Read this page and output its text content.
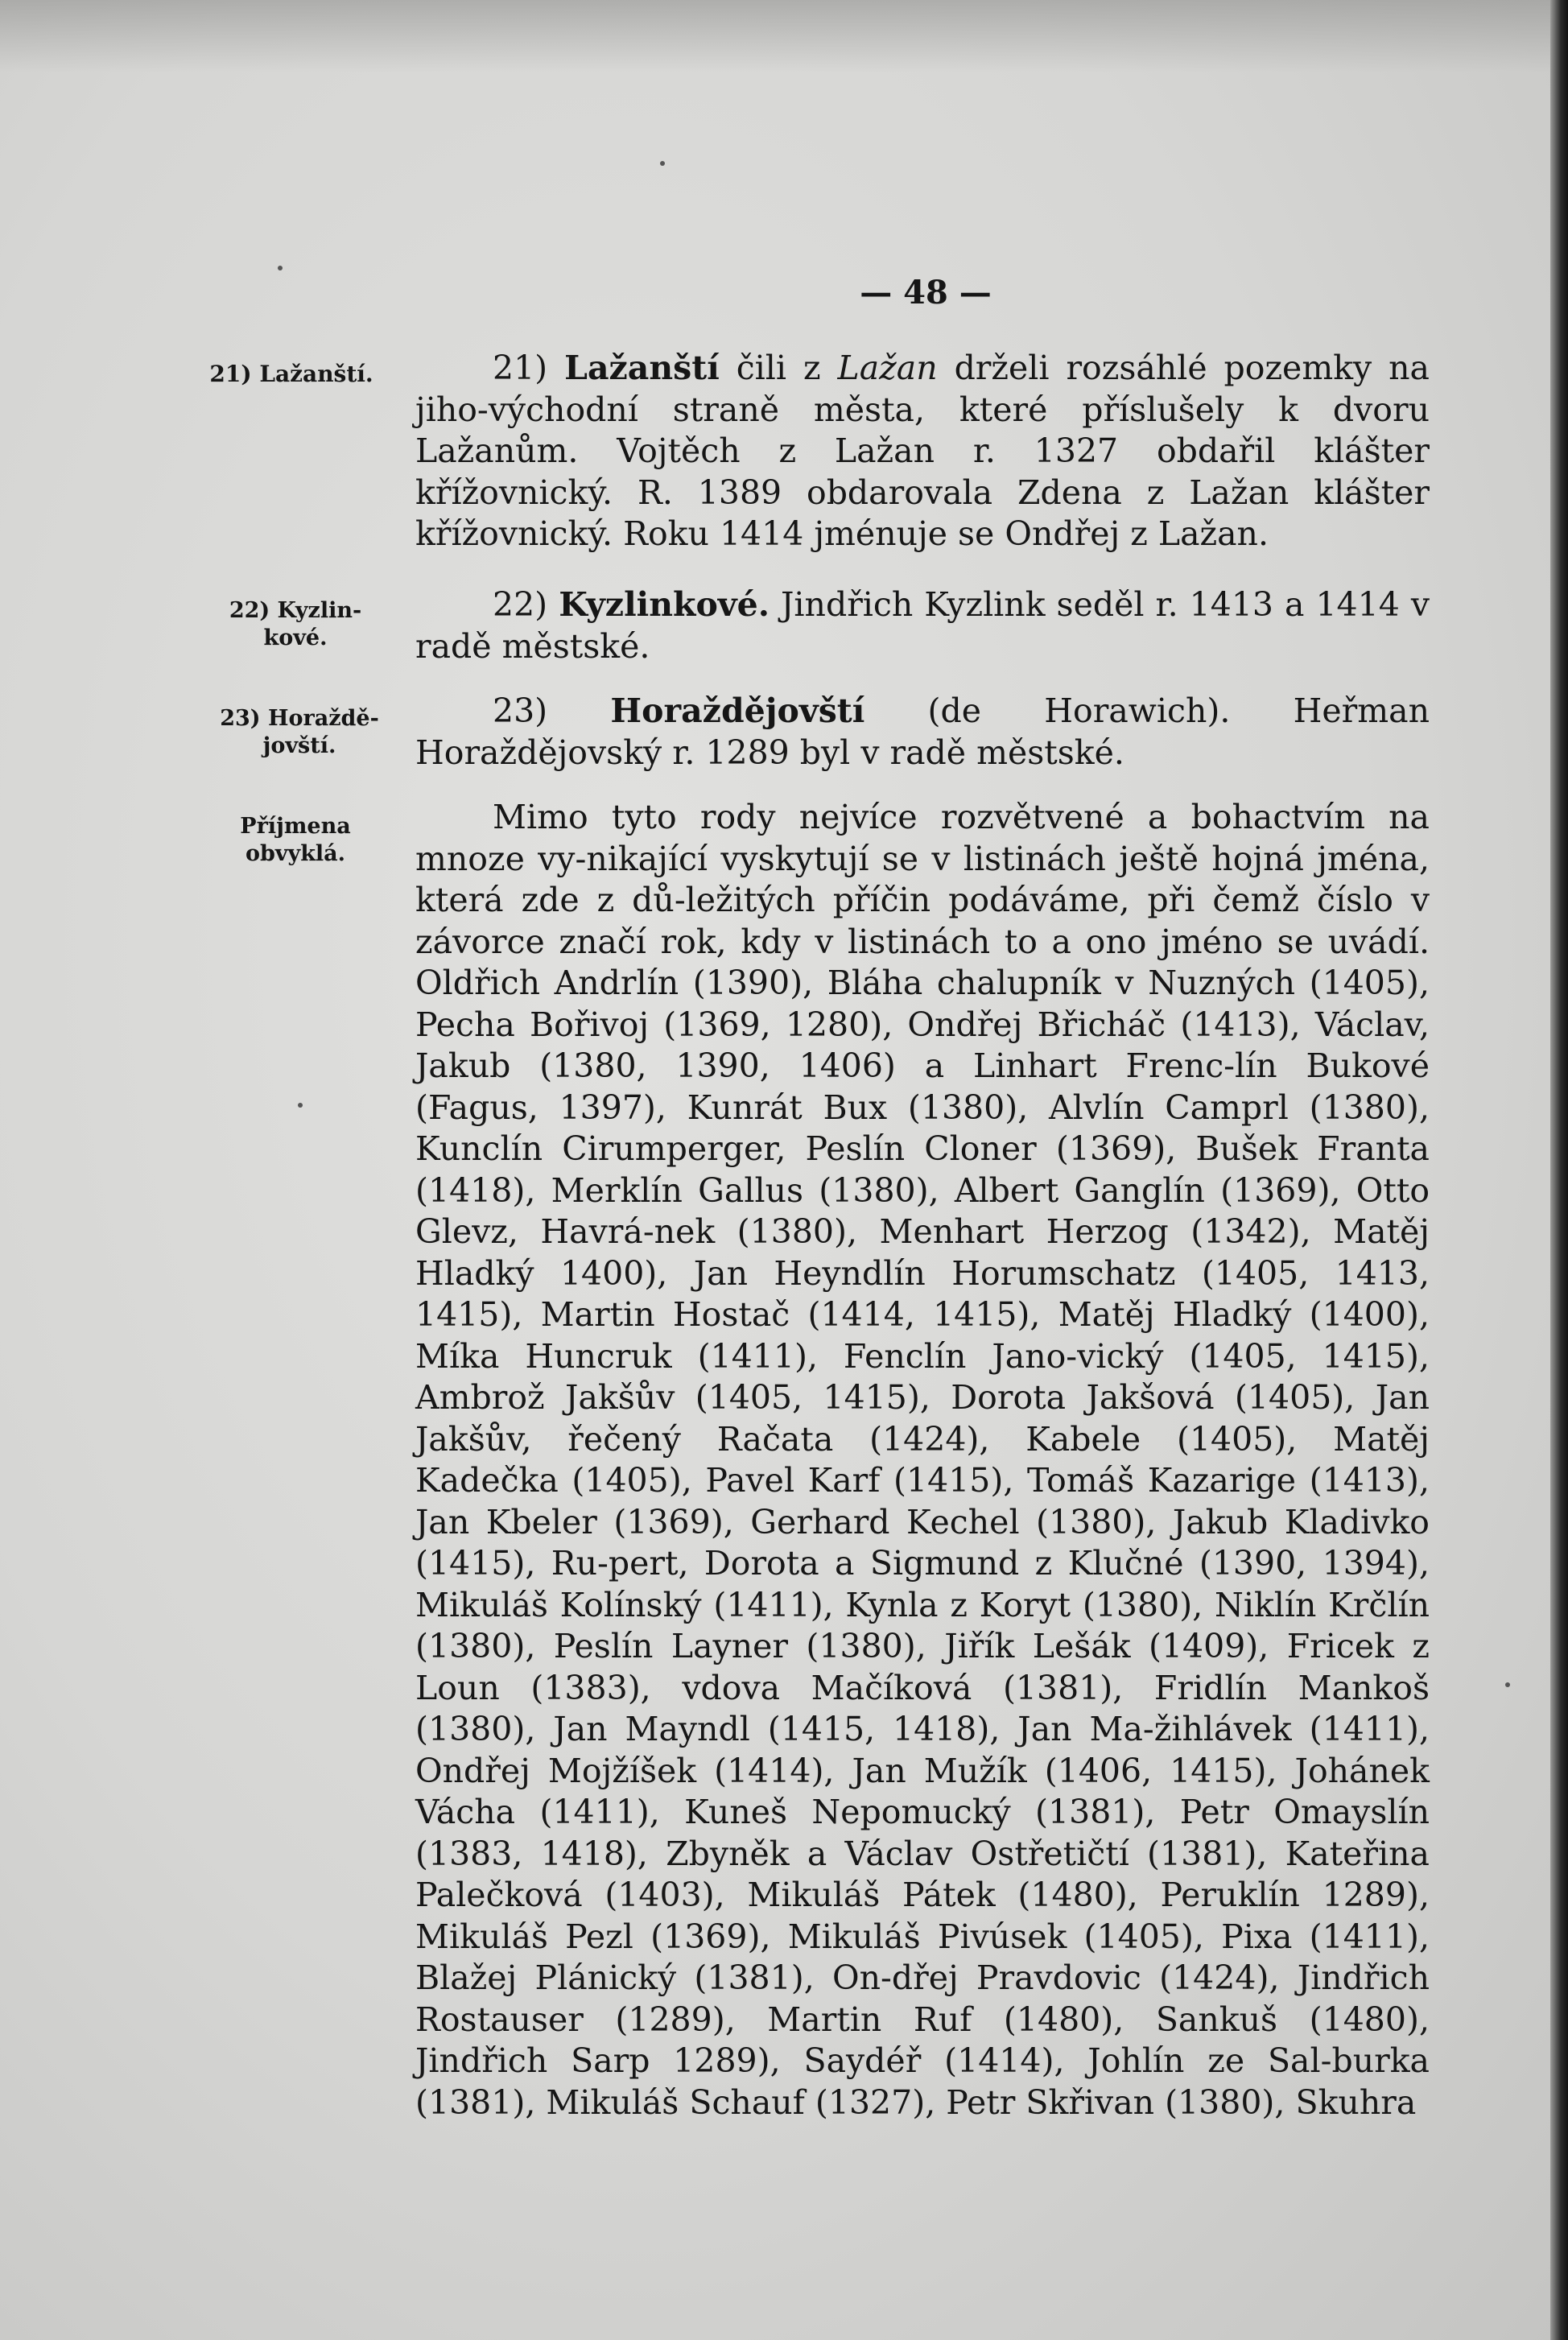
— 48 —
21) Lažanští.
22) Kyzlin-kové.
23) Horaždě-jovští.
Příjmena obvyklá.
21) Lažanští čili z Lažan drželi rozsáhlé pozemky na jiho-východní straně města, které příslušely k dvoru Lažanům. Vojtěch z Lažan r. 1327 obdařil klášter křížovnický. R. 1389 obdarovala Zdena z Lažan klášter křížovnický. Roku 1414 jménuje se Ondřej z Lažan.
22) Kyzlinkové. Jindřich Kyzlink seděl r. 1413 a 1414 v radě městské.
23) Horaždějovští (de Horawich). Heřman Horaždějovský r. 1289 byl v radě městské.
Mimo tyto rody nejvíce rozvětvené a bohactvím na mnoze vy-nikající vyskytují se v listinách ještě hojná jména, která zde z dů-ležitých příčin podáváme, při čemž číslo v závorce značí rok, kdy v listinách to a ono jméno se uvádí. Oldřich Andrlín (1390), Bláha chalupník v Nuzných (1405), Pecha Bořivoj (1369, 1280), Ondřej Břicháč (1413), Václav, Jakub (1380, 1390, 1406) a Linhart Frenc-lín Bukové (Fagus, 1397), Kunrát Bux (1380), Alvlín Camprl (1380), Kunclín Cirumperger, Peslín Cloner (1369), Bušek Franta (1418), Merklín Gallus (1380), Albert Ganglín (1369), Otto Glevz, Havrá-nek (1380), Menhart Herzog (1342), Matěj Hladký 1400), Jan Heyndlín Horumschatz (1405, 1413, 1415), Martin Hostač (1414, 1415), Matěj Hladký (1400), Míka Huncruk (1411), Fenclín Jano-vický (1405, 1415), Ambrož Jakšův (1405, 1415), Dorota Jakšová (1405), Jan Jakšův, řečený Račata (1424), Kabele (1405), Matěj Kadečka (1405), Pavel Karf (1415), Tomáš Kazarige (1413), Jan Kbeler (1369), Gerhard Kechel (1380), Jakub Kladivko (1415), Ru-pert, Dorota a Sigmund z Klučné (1390, 1394), Mikuláš Kolínský (1411), Kynla z Koryt (1380), Niklín Krčlín (1380), Peslín Layner (1380), Jiřík Lešák (1409), Fricek z Loun (1383), vdova Mačíková (1381), Fridlín Mankoš (1380), Jan Mayndl (1415, 1418), Jan Ma-žihlávek (1411), Ondřej Mojžíšek (1414), Jan Mužík (1406, 1415), Johánek Vácha (1411), Kuneš Nepomucký (1381), Petr Omayslín (1383, 1418), Zbyněk a Václav Ostřetičtí (1381), Kateřina Palečková (1403), Mikuláš Pátek (1480), Peruklín 1289), Mikuláš Pezl (1369), Mikuláš Pivúsek (1405), Pixa (1411), Blažej Plánický (1381), On-dřej Pravdovic (1424), Jindřich Rostauser (1289), Martin Ruf (1480), Sankuš (1480), Jindřich Sarp 1289), Saydéř (1414), Johlín ze Sal-burka (1381), Mikuláš Schauf (1327), Petr Skřivan (1380), Skuhra
